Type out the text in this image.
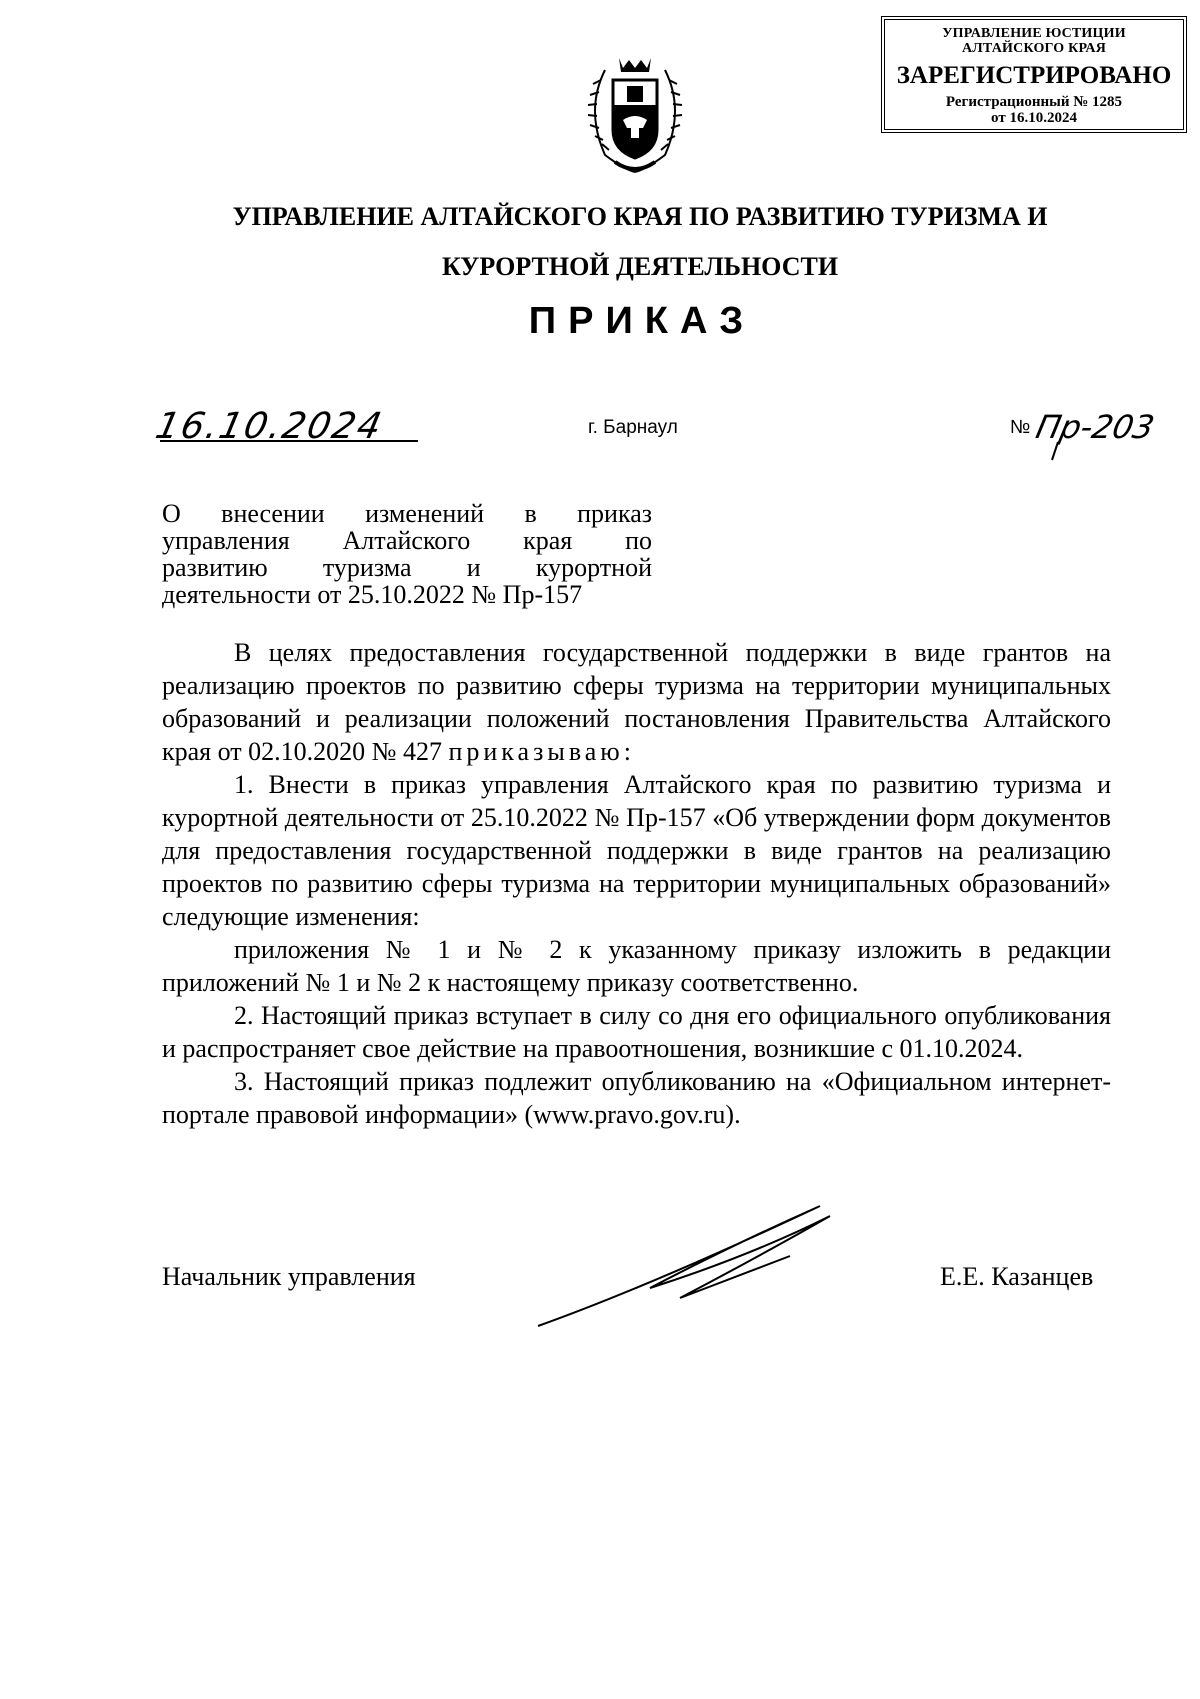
УПРАВЛЕНИЕ ЮСТИЦИИ
АЛТАЙСКОГО КРАЯ
ЗАРЕГИСТРИРОВАНО
Регистрационный № 1285
от 16.10.2024
УПРАВЛЕНИЕ АЛТАЙСКОГО КРАЯ ПО РАЗВИТИЮ ТУРИЗМА И
КУРОРТНОЙ ДЕЯТЕЛЬНОСТИ
ПРИКАЗ
16.10.2024	г. Барнаул	№ Пр-203
О внесении изменений в приказ
управления Алтайского края по
развитию туризма и курортной
деятельности от 25.10.2022 № Пр-157

В целях предоставления государственной поддержки в виде грантов на реализацию проектов по развитию сферы туризма на территории муниципальных образований и реализации положений постановления Правительства Алтайского края от 02.10.2020 № 427 приказываю:

1. Внести в приказ управления Алтайского края по развитию туризма и курортной деятельности от 25.10.2022 № Пр-157 «Об утверждении форм документов для предоставления государственной поддержки в виде грантов на реализацию проектов по развитию сферы туризма на территории муниципальных образований» следующие изменения:

приложения № 1 и № 2 к указанному приказу изложить в редакции приложений № 1 и № 2 к настоящему приказу соответственно.

2. Настоящий приказ вступает в силу со дня его официального опубликования и распространяет свое действие на правоотношения, возникшие с 01.10.2024.

3. Настоящий приказ подлежит опубликованию на «Официальном интернет-портале правовой информации» (www.pravo.gov.ru).

Начальник управления	Е.Е. Казанцев
